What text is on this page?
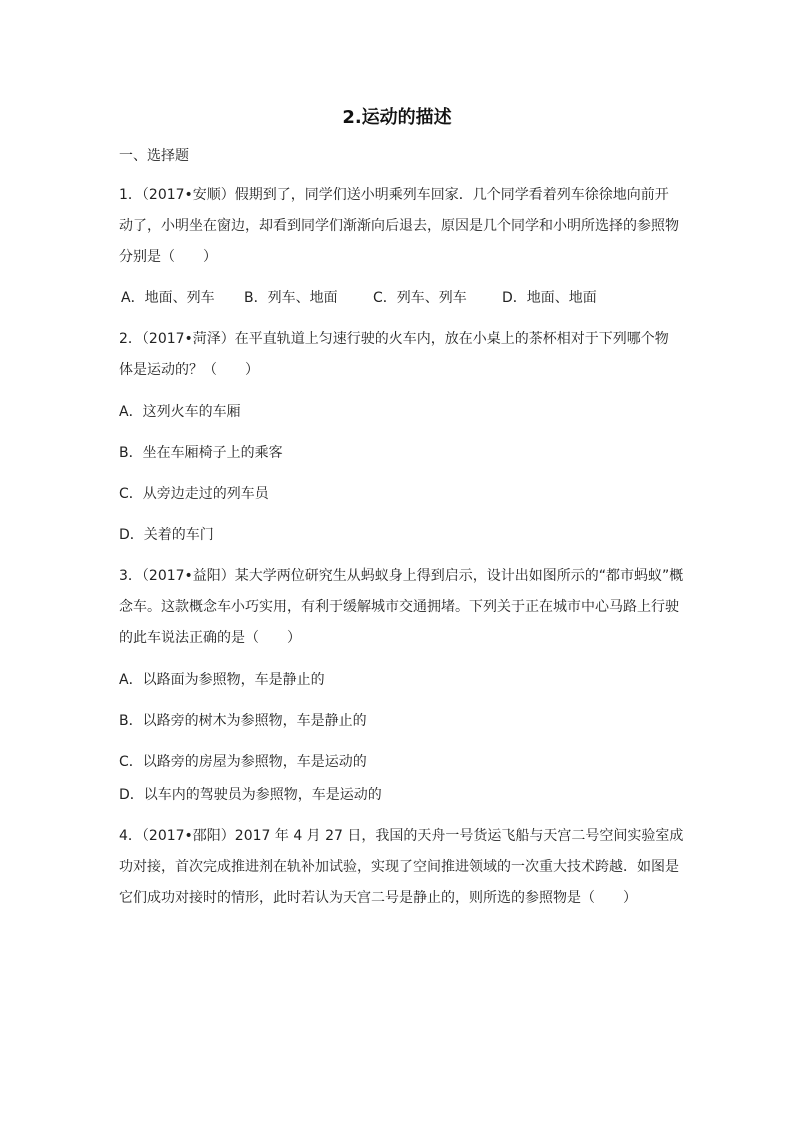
2.运动的描述
一、选择题
1．（2017•安顺）假期到了，同学们送小明乘列车回家．几个同学看着列车徐徐地向前开
动了，小明坐在窗边，却看到同学们渐渐向后退去，原因是几个同学和小明所选择的参照物
分别是（　　）
A．地面、列车 B．列车、地面	C．列车、列车	D．地面、地面
2．（2017•菏泽）在平直轨道上匀速行驶的火车内，放在小桌上的茶杯相对于下列哪个物
体是运动的？（　　）
A．这列火车的车厢
B．坐在车厢椅子上的乘客
C．从旁边走过的列车员
D．关着的车门
3．（2017•益阳）某大学两位研究生从蚂蚁身上得到启示，设计出如图所示的“都市蚂蚁”概
念车。这款概念车小巧实用，有利于缓解城市交通拥堵。下列关于正在城市中心马路上行驶
的此车说法正确的是（　　）
A．以路面为参照物，车是静止的
B．以路旁的树木为参照物，车是静止的
C．以路旁的房屋为参照物，车是运动的
D．以车内的驾驶员为参照物，车是运动的
4．（2017•邵阳）2017 年 4 月 27 日，我国的天舟一号货运飞船与天宫二号空间实验室成
功对接，首次完成推进剂在轨补加试验，实现了空间推进领域的一次重大技术跨越．如图是
它们成功对接时的情形，此时若认为天宫二号是静止的，则所选的参照物是（　　）
